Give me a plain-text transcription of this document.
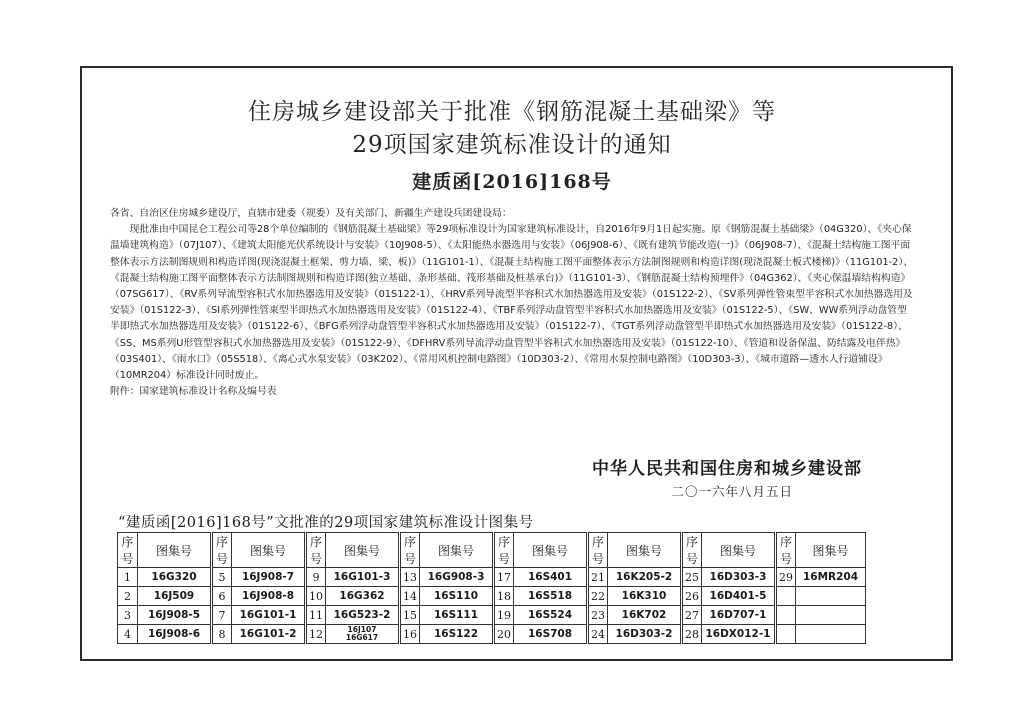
住房城乡建设部关于批准《钢筋混凝土基础梁》等
29项国家建筑标准设计的通知
建质函[2016]168号

各省、自治区住房城乡建设厅，直辖市建委（规委）及有关部门，新疆生产建设兵团建设局：

现批准由中国昆仑工程公司等28个单位编制的《钢筋混凝土基础梁》等29项标准设计为国家建筑标准设计，自2016年9月1日起实施。原《钢筋混凝土基础梁》（04G320）、《夹心保温墙建筑构造》（07J107）、《建筑太阳能光伏系统设计与安装》（10J908-5）、《太阳能热水器选用与安装》（06J908-6）、《既有建筑节能改造(一)》（06J908-7）、《混凝土结构施工图平面整体表示方法制图规则和构造详图(现浇混凝土框架、剪力墙、梁、板)》（11G101-1）、《混凝土结构施工图平面整体表示方法制图规则和构造详图(现浇混凝土板式楼梯)》（11G101-2）、《混凝土结构施工图平面整体表示方法制图规则和构造详图(独立基础、条形基础、筏形基础及桩基承台)》（11G101-3）、《钢筋混凝土结构预埋件》（04G362）、《夹心保温墙结构构造》（07SG617）、《RV系列导流型容积式水加热器选用及安装》（01S122-1）、《HRV系列导流型半容积式水加热器选用及安装》（01S122-2）、《SV系列弹性管束型半容积式水加热器选用及安装》（01S122-3）、《SI系列弹性管束型半即热式水加热器选用及安装》（01S122-4）、《TBF系列浮动盘管型半容积式水加热器选用及安装》（01S122-5）、《SW、WW系列浮动盘管型半即热式水加热器选用及安装》（01S122-6）、《BFG系列浮动盘管型半容积式水加热器选用及安装》（01S122-7）、《TGT系列浮动盘管型半即热式水加热器选用及安装》（01S122-8）、《SS、MS系列U形管型容积式水加热器选用及安装》（01S122-9）、《DFHRV系列导流浮动盘管型半容积式水加热器选用及安装》（01S122-10）、《管道和设备保温、防结露及电伴热》（03S401）、《雨水口》（05S518）、《离心式水泵安装》（03K202）、《常用风机控制电路图》（10D303-2）、《常用水泵控制电路图》（10D303-3）、《城市道路—透水人行道铺设》（10MR204）标准设计同时废止。

附件：国家建筑标准设计名称及编号表

中华人民共和国住房和城乡建设部
二〇一六年八月五日
“建质函[2016]168号”文批准的29项国家建筑标准设计图集号
序号	图集号	序号	图集号	序号	图集号	序号	图集号	序号	图集号	序号	图集号	序号	图集号	序号	图集号
1	16G320	5	16J908-7	9	16G101-3	13	16G908-3	17	16S401	21	16K205-2	25	16D303-3	29	16MR204
2	16J509	6	16J908-8	10	16G362	14	16S110	18	16S518	22	16K310	26	16D401-5		
3	16J908-5	7	16G101-1	11	16G523-2	15	16S111	19	16S524	23	16K702	27	16D707-1		
4	16J908-6	8	16G101-2	12	16J107
16G617	16	16S122	20	16S708	24	16D303-2	28	16DX012-1		
